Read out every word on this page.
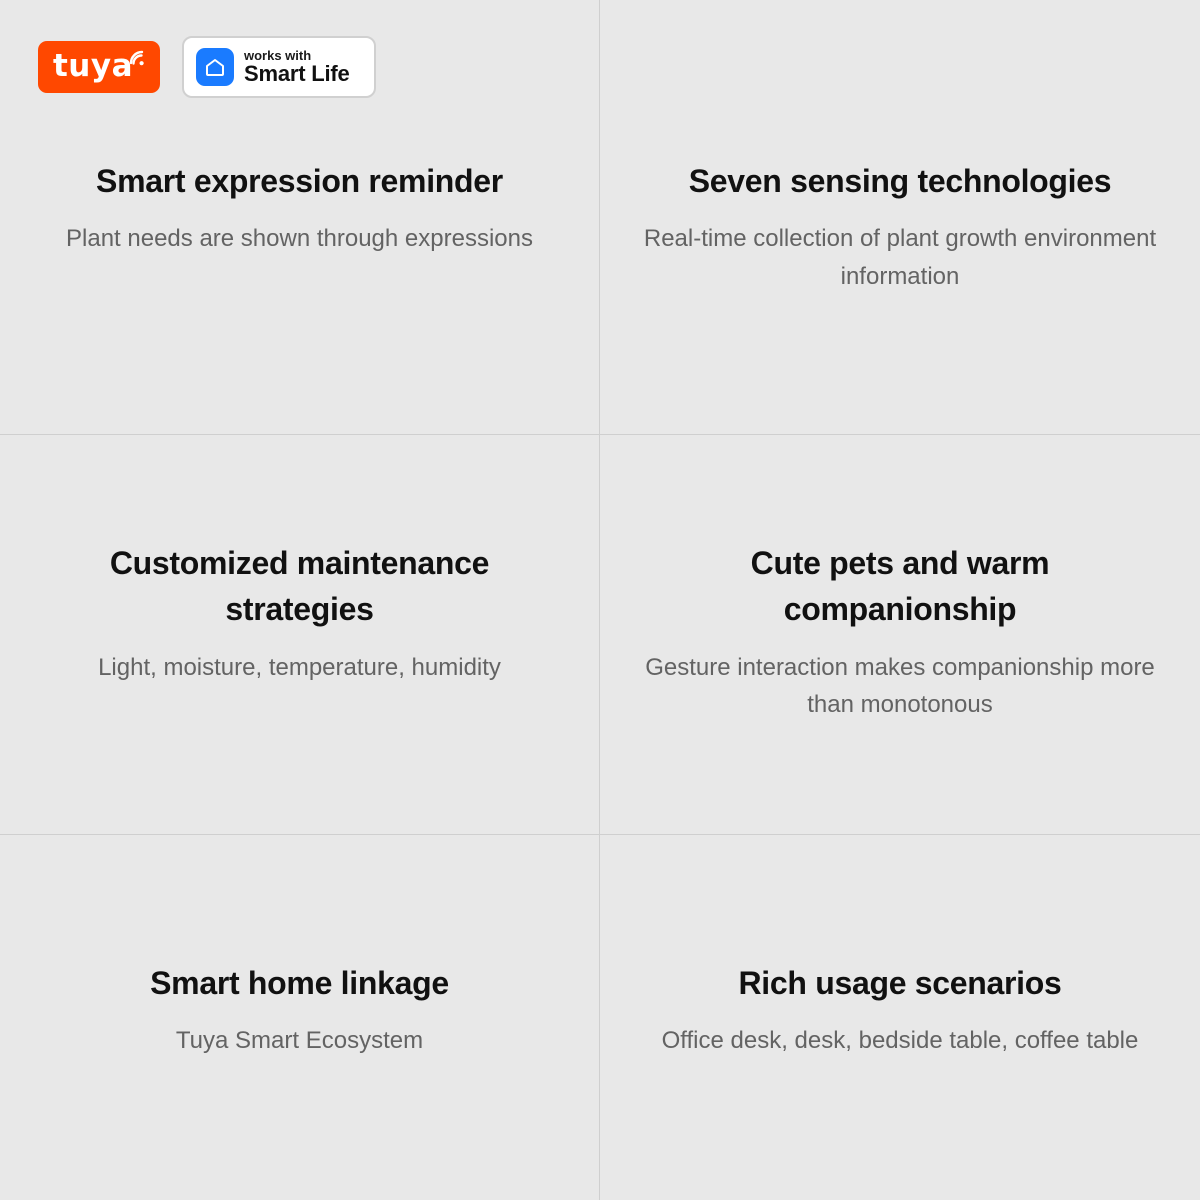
Smart expression reminder
Plant needs are shown through expressions
Seven sensing technologies
Real-time collection of plant growth environment information
Customized maintenance strategies
Light, moisture, temperature, humidity
Cute pets and warm companionship
Gesture interaction makes companionship more than monotonous
Smart home linkage
Tuya Smart Ecosystem
Rich usage scenarios
Office desk, desk, bedside table, coffee table
tuya	works with
Smart Life
